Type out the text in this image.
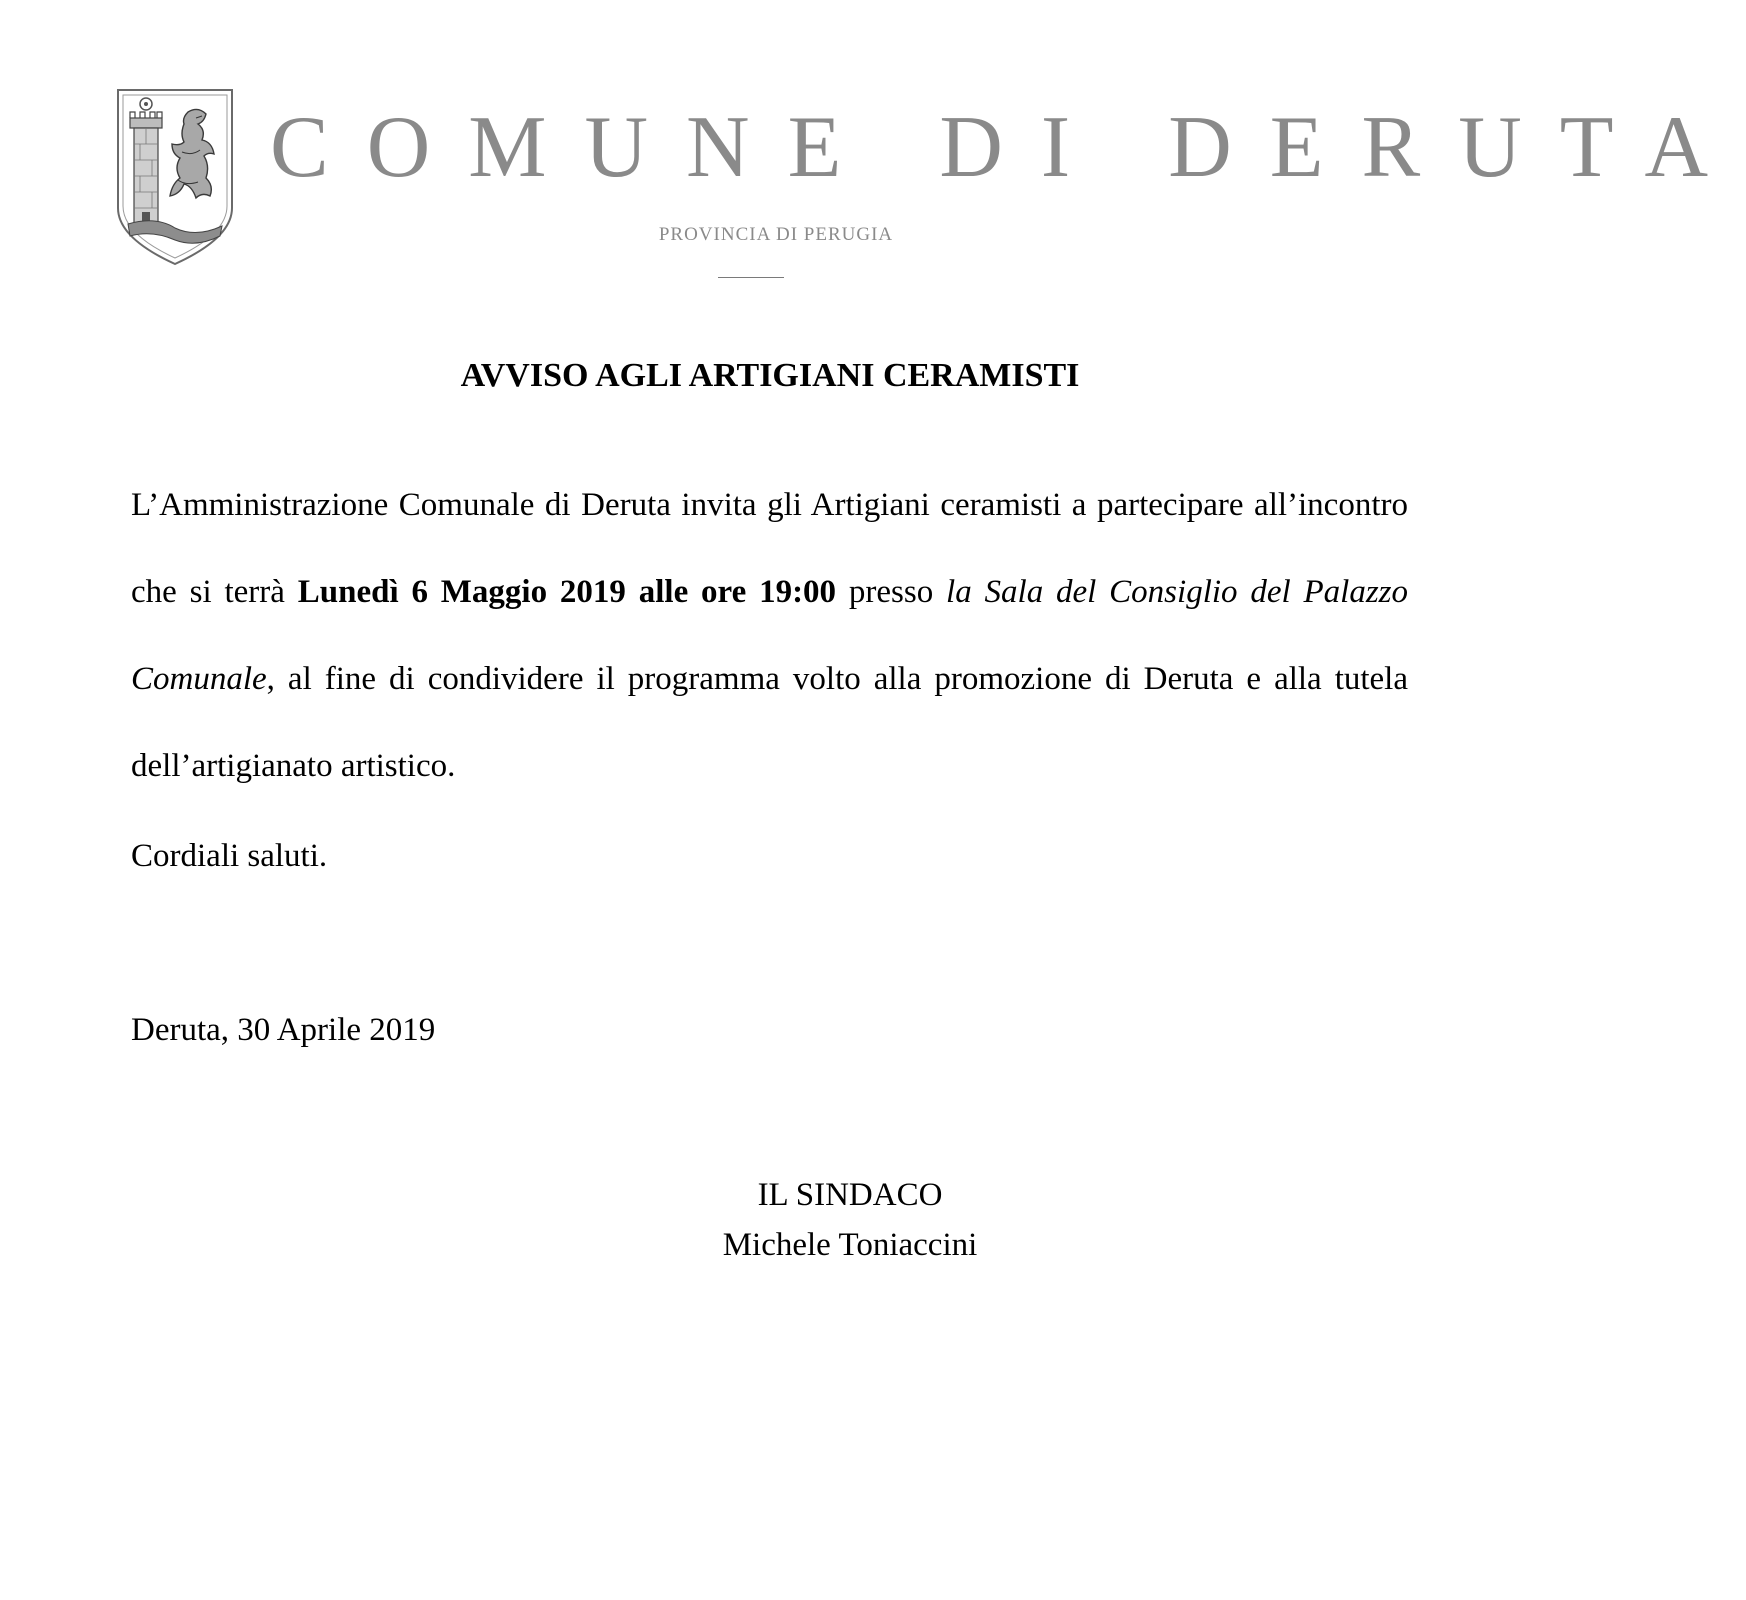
COMUNE DI DERUTA
PROVINCIA DI PERUGIA
AVVISO AGLI ARTIGIANI CERAMISTI

L’Amministrazione Comunale di Deruta invita gli Artigiani ceramisti a partecipare all’incontro che si terrà Lunedì 6 Maggio 2019 alle ore 19:00 presso la Sala del Consiglio del Palazzo Comunale, al fine di condividere il programma volto alla promozione di Deruta e alla tutela dell’artigianato artistico.

Cordiali saluti.
Deruta, 30 Aprile 2019
IL SINDACO
Michele Toniaccini
